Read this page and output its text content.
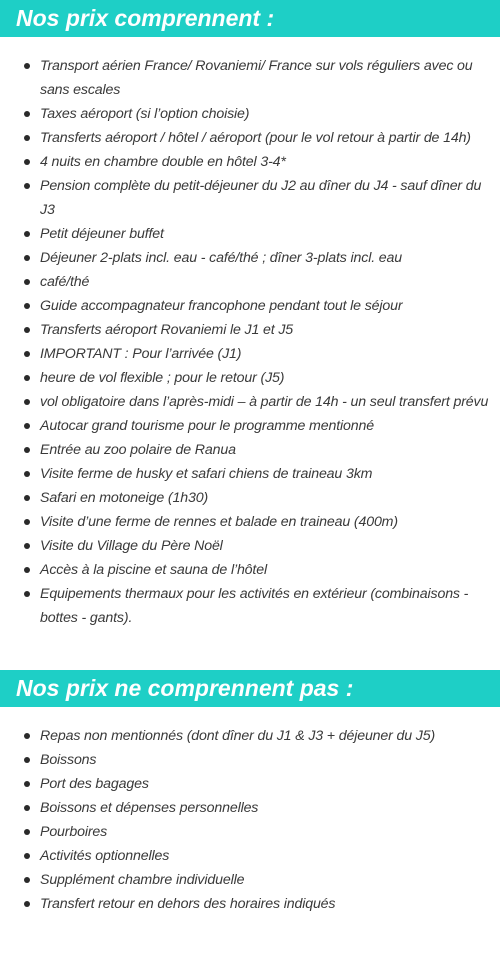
Nos prix comprennent :
Transport aérien France/ Rovaniemi/ France sur vols réguliers avec ou sans escales
Taxes aéroport (si l’option choisie)
Transferts aéroport / hôtel / aéroport (pour le vol retour à partir de 14h)
4 nuits en chambre double en hôtel 3-4*
Pension complète du petit-déjeuner du J2 au dîner du J4 - sauf dîner du J3
Petit déjeuner buffet
Déjeuner 2-plats incl. eau - café/thé ; dîner 3-plats incl. eau
café/thé
Guide accompagnateur francophone pendant tout le séjour
Transferts aéroport Rovaniemi le J1 et J5
IMPORTANT : Pour l’arrivée (J1)
heure de vol flexible ; pour le retour (J5)
vol obligatoire dans l’après-midi – à partir de 14h - un seul transfert prévu
Autocar grand tourisme pour le programme mentionné
Entrée au zoo polaire de Ranua
Visite ferme de husky et safari chiens de traineau 3km
Safari en motoneige (1h30)
Visite d’une ferme de rennes et balade en traineau (400m)
Visite du Village du Père Noël
Accès à la piscine et sauna de l’hôtel
Equipements thermaux pour les activités en extérieur (combinaisons - bottes - gants).
Nos prix ne comprennent pas :
Repas non mentionnés (dont dîner du J1 & J3 + déjeuner du J5)
Boissons
Port des bagages
Boissons et dépenses personnelles
Pourboires
Activités optionnelles
Supplément chambre individuelle
Transfert retour en dehors des horaires indiqués
